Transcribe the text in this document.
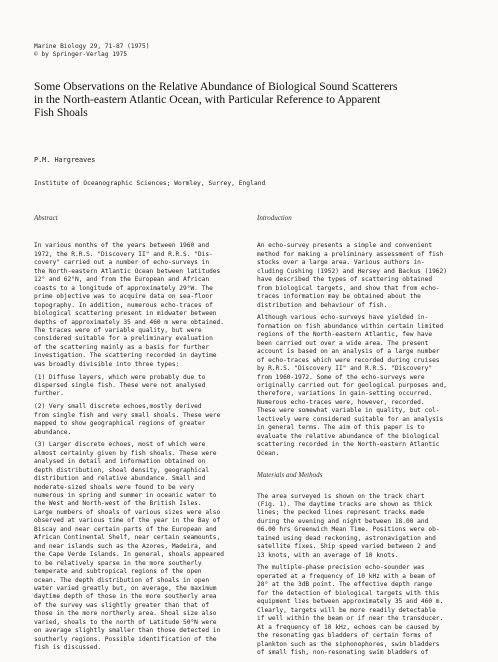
Marine Biology 29, 71-87 (1975)
© by Springer-Verlag 1975
Some Observations on the Relative Abundance of Biological Sound Scatterers
in the North-eastern Atlantic Ocean, with Particular Reference to Apparent
Fish Shoals
P.M. Hargreaves
Institute of Oceanographic Sciences; Wormley, Surrey, England
Abstract

In various months of the years between 1960 and
1972, the R.R.S. "Discovery II" and R.R.S. "Dis-
covery" carried out a number of echo-surveys in
the North-eastern Atlantic Ocean between latitudes
12° and 62°N, and from the European and African
coasts to a longitude of approximately 29°W. The
prime objective was to acquire data on sea-floor
topography. In addition, numerous echo-traces of
biological scattering present in midwater between
depths of approximately 35 and 460 m were obtained.
The traces were of variable quality, but were
considered suitable for a preliminary evaluation
of the scattering mainly as a basis for further
investigation. The scattering recorded in daytime
was broadly divisible into three types:

(1) Diffuse layers, which were probably due to
dispersed single fish. These were not analysed
further.

(2) Very small discrete echoes,mostly derived
from single fish and very small shoals. These were
mapped to show geographical regions of greater
abundance.

(3) Larger discrete echoes, most of which were
almost certainly given by fish shoals. These were
analysed in detail and information obtained on
depth distribution, shoal density, geographical
distribution and relative abundance. Small and
moderate-sized shoals were found to be very
numerous in spring and summer in oceanic water to
the West and North-west of the British Isles.
Large numbers of shoals of various sizes were also
observed at various time of the year in the Bay of
Biscay and near certain parts of the European and
African Continental Shelf, near certain seamounts,
and near islands such as the Azores, Madeira, and
the Cape Verde Islands. In general, shoals appeared
to be relatively sparse in the more southerly
temperate and subtropical regions of the open
ocean. The depth distribution of shoals in open
water varied greatly but, on average, the maximum
daytime depth of those in the more southerly area
of the survey was slightly greater than that of
those in the more northerly area. Shoal size also
varied, shoals to the north of Latitude 50°N were
on average slightly smaller than those detected in
southerly regions. Possible identification of the
fish is discussed.

Introduction

An echo-survey presents a simple and convenient
method for making a preliminary assessment of fish
stocks over a large area. Various authors in-
cluding Cushing (1952) and Hersey and Backus (1962)
have described the types of scattering obtained
from biological targets, and show that from echo-
traces information may be obtained about the
distribution and behaviour of fish.

Although various echo-surveys have yielded in-
formation on fish abundance within certain limited
regions of the North-eastern Atlantic, few have
been carried out over a wide area. The present
account is based on an analysis of a large number
of echo-traces which were recorded during cruises
by R.R.S. "Discovery II" and R.R.S. "Discovery"
from 1960-1972. Some of the echo-surveys were
originally carried out for geological purposes and,
therefore, variations in gain-setting occurred.
Numerous echo-traces were, however, recorded.
These were somewhat variable in quality, but col-
lectively were considered suitable for an analysis
in general terms. The aim of this paper is to
evaluate the relative abundance of the biological
scattering recorded in the North-eastern Atlantic
Ocean.

Materials and Methods

The area surveyed is shown on the track chart
(Fig. 1). The daytime tracks are shown as thick
lines; the pecked lines represent tracks made
during the evening and night between 18.00 and
06.00 hrs Greenwich Mean Time. Positions were ob-
tained using dead reckoning, astronavigation and
satellite fixes. Ship speed varied between 2 and
13 knots, with an average of 10 knots.

The multiple-phase precision echo-sounder was
operated at a frequency of 10 kHz with a beam of
28° at the 3dB point. The effective depth range
for the detection of biological targets with this
equipment lies between approximately 35 and 460 m.
Clearly, targets will be more readily detectable
if well within the beam or if near the transducer.
At a frequency of 10 kHz, echoes can be caused by
the resonating gas bladders of certain forms of
plankton such as the siphonophores, swim bladders
of small fish, non-resonating swim bladders of
